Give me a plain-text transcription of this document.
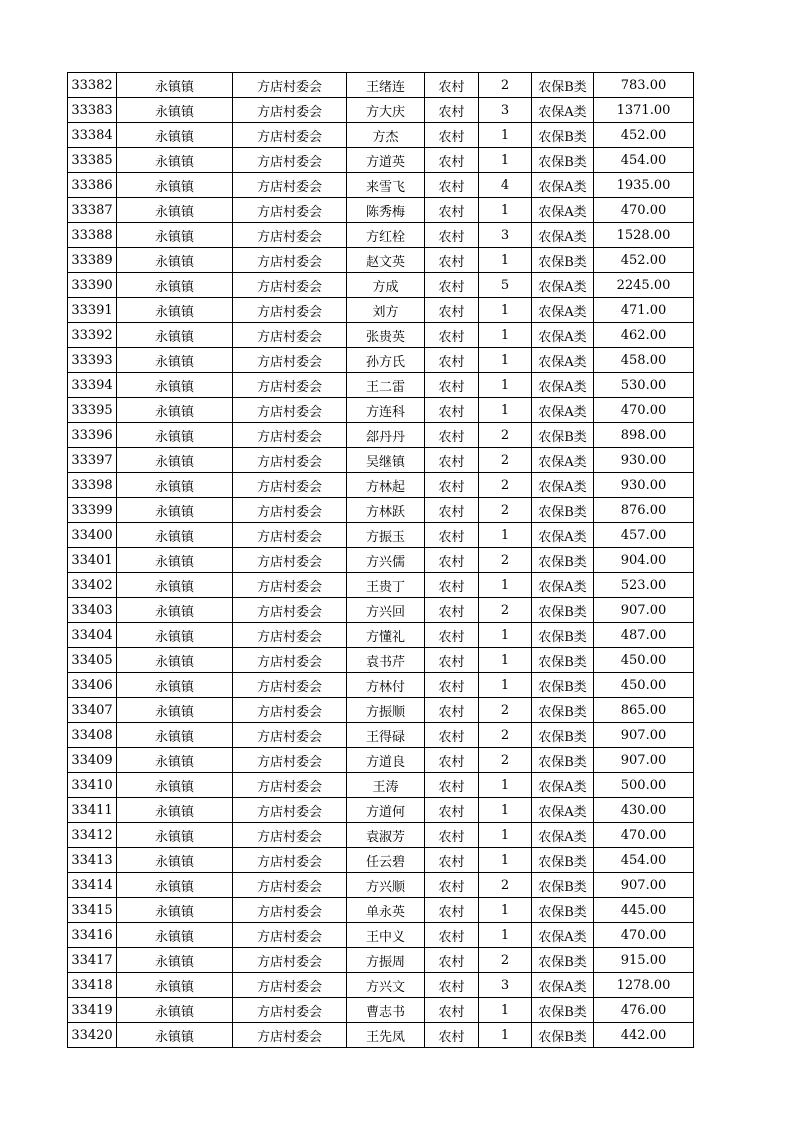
33382	永镇镇	方店村委会	王绪连	农村	2	农保B类	783.00
33383	永镇镇	方店村委会	方大庆	农村	3	农保A类	1371.00
33384	永镇镇	方店村委会	方杰	农村	1	农保B类	452.00
33385	永镇镇	方店村委会	方道英	农村	1	农保B类	454.00
33386	永镇镇	方店村委会	来雪飞	农村	4	农保A类	1935.00
33387	永镇镇	方店村委会	陈秀梅	农村	1	农保A类	470.00
33388	永镇镇	方店村委会	方红栓	农村	3	农保A类	1528.00
33389	永镇镇	方店村委会	赵文英	农村	1	农保B类	452.00
33390	永镇镇	方店村委会	方成	农村	5	农保A类	2245.00
33391	永镇镇	方店村委会	刘方	农村	1	农保A类	471.00
33392	永镇镇	方店村委会	张贵英	农村	1	农保A类	462.00
33393	永镇镇	方店村委会	孙方氏	农村	1	农保A类	458.00
33394	永镇镇	方店村委会	王二雷	农村	1	农保A类	530.00
33395	永镇镇	方店村委会	方连科	农村	1	农保A类	470.00
33396	永镇镇	方店村委会	郐丹丹	农村	2	农保B类	898.00
33397	永镇镇	方店村委会	吴继镇	农村	2	农保A类	930.00
33398	永镇镇	方店村委会	方林起	农村	2	农保A类	930.00
33399	永镇镇	方店村委会	方林跃	农村	2	农保B类	876.00
33400	永镇镇	方店村委会	方振玉	农村	1	农保A类	457.00
33401	永镇镇	方店村委会	方兴儒	农村	2	农保B类	904.00
33402	永镇镇	方店村委会	王贵丁	农村	1	农保A类	523.00
33403	永镇镇	方店村委会	方兴回	农村	2	农保B类	907.00
33404	永镇镇	方店村委会	方懂礼	农村	1	农保B类	487.00
33405	永镇镇	方店村委会	袁书芹	农村	1	农保B类	450.00
33406	永镇镇	方店村委会	方林付	农村	1	农保B类	450.00
33407	永镇镇	方店村委会	方振顺	农村	2	农保B类	865.00
33408	永镇镇	方店村委会	王得碌	农村	2	农保B类	907.00
33409	永镇镇	方店村委会	方道良	农村	2	农保B类	907.00
33410	永镇镇	方店村委会	王涛	农村	1	农保A类	500.00
33411	永镇镇	方店村委会	方道何	农村	1	农保A类	430.00
33412	永镇镇	方店村委会	袁淑芳	农村	1	农保A类	470.00
33413	永镇镇	方店村委会	任云碧	农村	1	农保B类	454.00
33414	永镇镇	方店村委会	方兴顺	农村	2	农保B类	907.00
33415	永镇镇	方店村委会	单永英	农村	1	农保B类	445.00
33416	永镇镇	方店村委会	王中义	农村	1	农保A类	470.00
33417	永镇镇	方店村委会	方振周	农村	2	农保B类	915.00
33418	永镇镇	方店村委会	方兴文	农村	3	农保A类	1278.00
33419	永镇镇	方店村委会	曹志书	农村	1	农保B类	476.00
33420	永镇镇	方店村委会	王先凤	农村	1	农保B类	442.00
